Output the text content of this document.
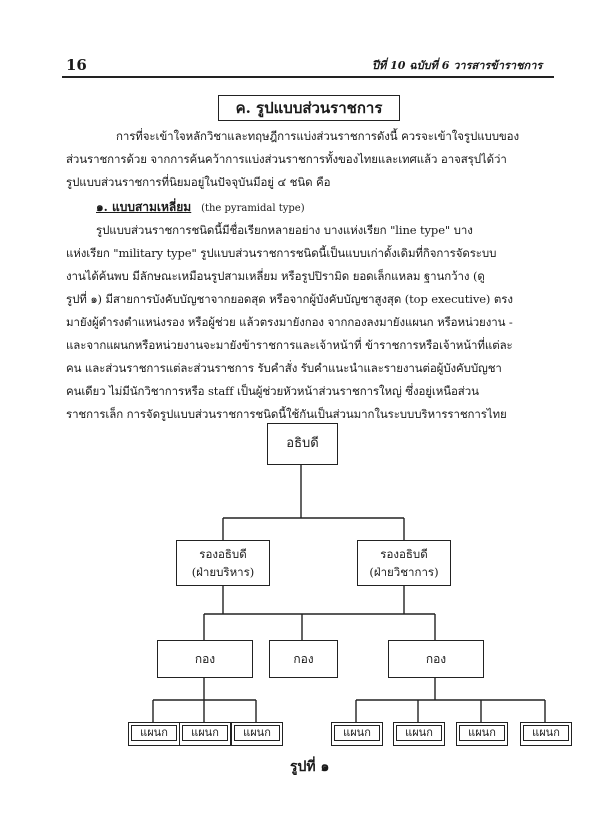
16	ปีที่ 10 ฉบับที่ 6 วารสารข้าราชการ
ค. รูปแบบส่วนราชการ
การที่จะเข้าใจหลักวิชาและทฤษฎีการแบ่งส่วนราชการดังนี้ ควรจะเข้าใจรูปแบบของ
ส่วนราชการด้วย จากการค้นคว้าการแบ่งส่วนราชการทั้งของไทยและเทศแล้ว อาจสรุปได้ว่า
รูปแบบส่วนราชการที่นิยมอยู่ในปัจจุบันมีอยู่ ๔ ชนิด คือ
๑. แบบสามเหลี่ยม (the pyramidal type)
รูปแบบส่วนราชการชนิดนี้มีชื่อเรียกหลายอย่าง บางแห่งเรียก "line type" บาง
แห่งเรียก "military type" รูปแบบส่วนราชการชนิดนี้เป็นแบบเก่าดั้งเดิมที่กิจการจัดระบบ
งานได้ค้นพบ มีลักษณะเหมือนรูปสามเหลี่ยม หรือรูปปิรามิด ยอดเล็กแหลม ฐานกว้าง (ดู
รูปที่ ๑) มีสายการบังคับบัญชาจากยอดสุด หรือจากผู้บังคับบัญชาสูงสุด (top executive) ตรง
มายังผู้ดำรงตำแหน่งรอง หรือผู้ช่วย แล้วตรงมายังกอง จากกองลงมายังแผนก หรือหน่วยงาน -
และจากแผนกหรือหน่วยงานจะมายังข้าราชการและเจ้าหน้าที่ ข้าราชการหรือเจ้าหน้าที่แต่ละ
คน และส่วนราชการแต่ละส่วนราชการ รับคำสั่ง รับคำแนะนำและรายงานต่อผู้บังคับบัญชา
คนเดียว ไม่มีนักวิชาการหรือ staff เป็นผู้ช่วยหัวหน้าส่วนราชการใหญ่ ซึ่งอยู่เหนือส่วน
ราชการเล็ก การจัดรูปแบบส่วนราชการชนิดนี้ใช้กันเป็นส่วนมากในระบบบริหารราชการไทย
อธิบดี
รองอธิบดี
(ฝ่ายบริหาร)
รองอธิบดี
(ฝ่ายวิชาการ)
กอง	กอง	กอง
แผนก	แผนก	แผนก	แผนก	แผนก	แผนก	แผนก
รูปที่ ๑
